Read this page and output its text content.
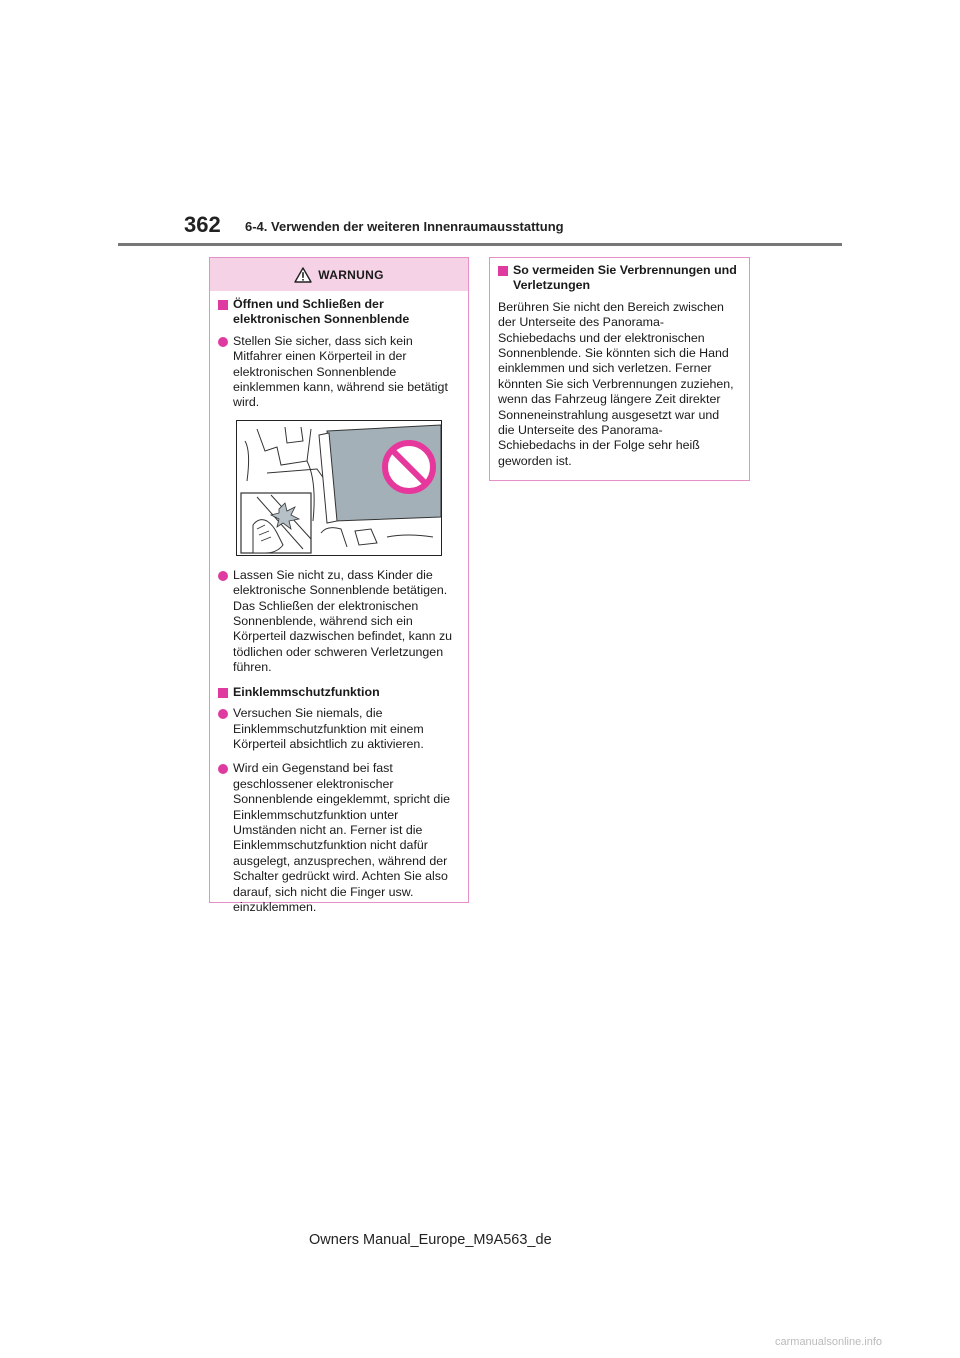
362 6-4. Verwenden der weiteren Innenraumausstattung
WARNUNG
Öffnen und Schließen der elektronischen Sonnenblende
Stellen Sie sicher, dass sich kein Mitfahrer einen Körperteil in der elektronischen Sonnenblende einklemmen kann, während sie betätigt wird.
Lassen Sie nicht zu, dass Kinder die elektronische Sonnenblende betätigen. Das Schließen der elektronischen Sonnenblende, während sich ein Körperteil dazwischen befindet, kann zu tödlichen oder schweren Verletzungen führen.
Einklemmschutzfunktion
Versuchen Sie niemals, die Einklemmschutzfunktion mit einem Körperteil absichtlich zu aktivieren.
Wird ein Gegenstand bei fast geschlossener elektronischer Sonnenblende eingeklemmt, spricht die Einklemmschutzfunktion unter Umständen nicht an. Ferner ist die Einklemmschutzfunktion nicht dafür ausgelegt, anzusprechen, während der Schalter gedrückt wird. Achten Sie also darauf, sich nicht die Finger usw. einzuklemmen.
So vermeiden Sie Verbrennungen und Verletzungen

Berühren Sie nicht den Bereich zwischen der Unterseite des Panorama-Schiebedachs und der elektronischen Sonnenblende. Sie könnten sich die Hand einklemmen und sich verletzen. Ferner könnten Sie sich Verbrennungen zuziehen, wenn das Fahrzeug längere Zeit direkter Sonneneinstrahlung ausgesetzt war und die Unterseite des Panorama-Schiebedachs in der Folge sehr heiß geworden ist.

Owners Manual_Europe_M9A563_de
carmanualsonline.info
